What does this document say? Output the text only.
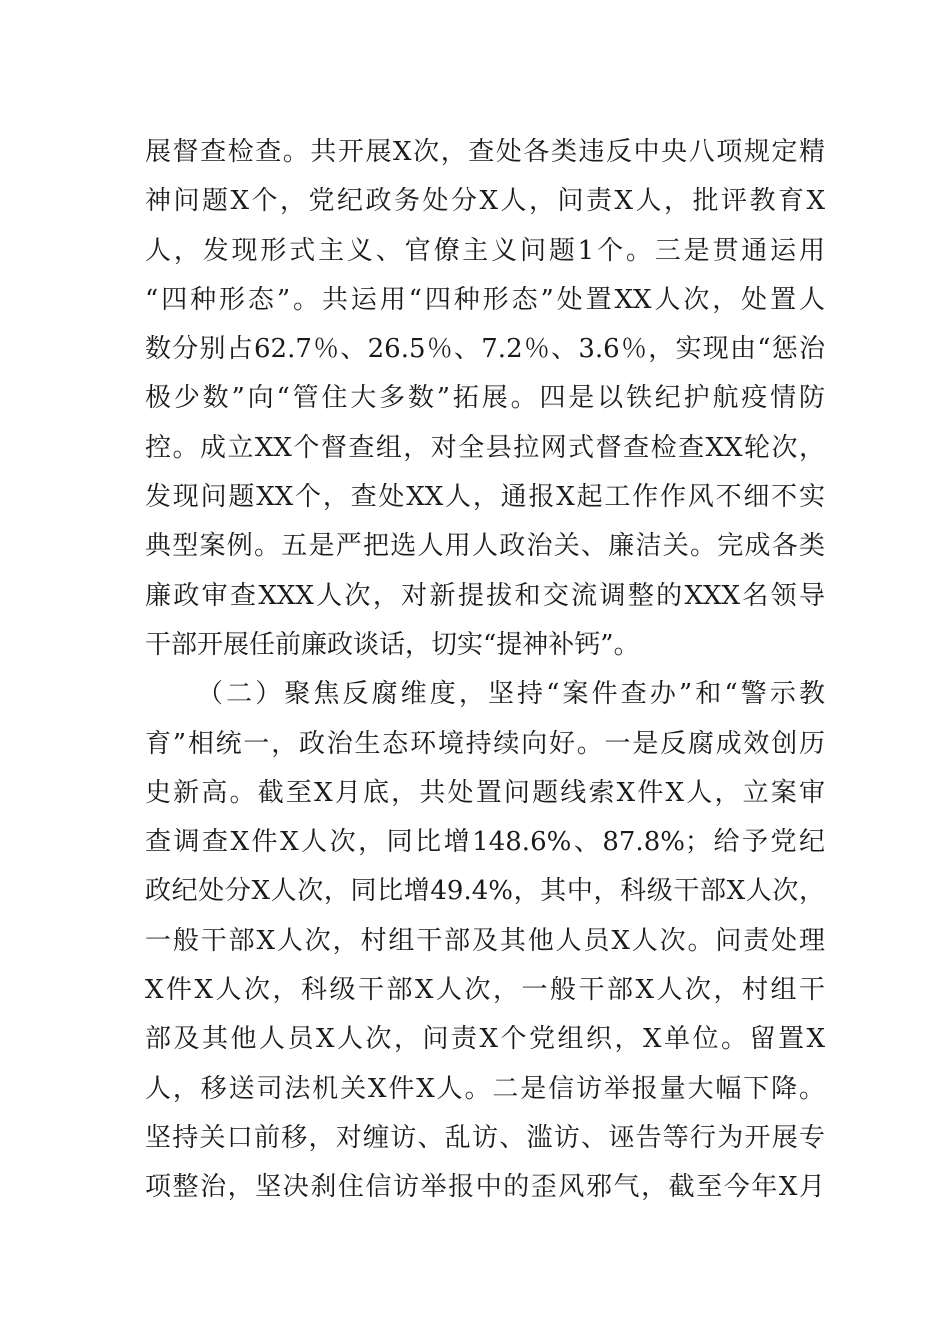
展督查检查。共开展X次，查处各类违反中央八项规定精
神问题X个，党纪政务处分X人，问责X人，批评教育X
人，发现形式主义、官僚主义问题1个。三是贯通运用
“四种形态”。共运用“四种形态”处置XX人次，处置人
数分别占62.7％、26.5％、7.2％、3.6％，实现由“惩治
极少数”向“管住大多数”拓展。四是以铁纪护航疫情防
控。成立XX个督查组，对全县拉网式督查检查XX轮次，
发现问题XX个，查处XX人，通报X起工作作风不细不实
典型案例。五是严把选人用人政治关、廉洁关。完成各类
廉政审查XXX人次，对新提拔和交流调整的XXX名领导
干部开展任前廉政谈话，切实“提神补钙”。
（二）聚焦反腐维度，坚持“案件查办”和“警示教
育”相统一，政治生态环境持续向好。一是反腐成效创历
史新高。截至X月底，共处置问题线索X件X人，立案审
查调查X件X人次，同比增148.6%、87.8%；给予党纪
政纪处分X人次，同比增49.4%，其中，科级干部X人次，
一般干部X人次，村组干部及其他人员X人次。问责处理
X件X人次，科级干部X人次，一般干部X人次，村组干
部及其他人员X人次，问责X个党组织，X单位。留置X
人，移送司法机关X件X人。二是信访举报量大幅下降。
坚持关口前移，对缠访、乱访、滥访、诬告等行为开展专
项整治，坚决刹住信访举报中的歪风邪气，截至今年X月
